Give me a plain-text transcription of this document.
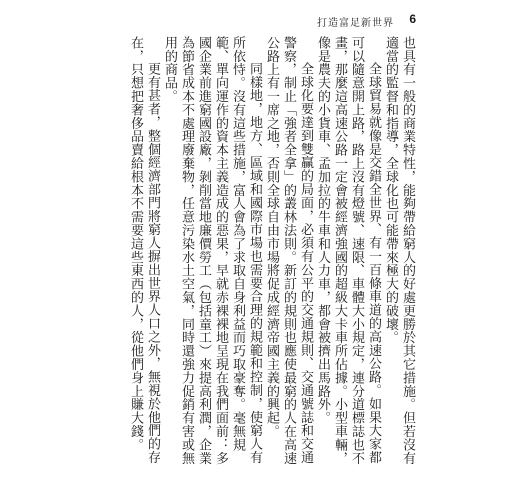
打造富足新世界 6

也具有一般的商業特性，能夠帶給窮人的好處更勝於其它措施。但若沒有適當的監督和指導，全球化也可能帶來極大的破壞。

全球貿易就像是交錯全世界、有一百條車道的高速公路。如果大家都可以隨意開上路，路上沒有燈號、速限、車體大小規定，連分道標誌也不畫，那麼這高速公路一定會被經濟強國的超級大卡車所佔據。小型車輛，像是農夫的小貨車、孟加拉的牛車和人力車，都會被擠出馬路外。

全球化要達到雙贏的局面，必須有公平的交通規則、交通號誌和交通警察，制止「強者全拿」的叢林法則。新訂的規則也應使最窮的人在高速公路上有一席之地，否則全球自由市場將促成經濟帝國主義的興起。

同樣地，地方、區域和國際市場也需要合理的規範和控制，使窮人有所依恃。沒有這些措施，富人會為了求取自身利益而巧取豪奪。毫無規範、單向運作的資本主義造成的惡果，早就赤裸裸地呈現在我們面前：多國企業前進窮國設廠，剝削當地廉價勞工（包括童工）來提高利潤，企業為節省成本不處理廢棄物，任意污染水土空氣，同時還強力促銷有害或無用的商品。

更有甚者，整個經濟部門將窮人摒出世界人口之外，無視於他們的存在，只想把奢侈品賣給根本不需要這些東西的人，從他們身上賺大錢。
